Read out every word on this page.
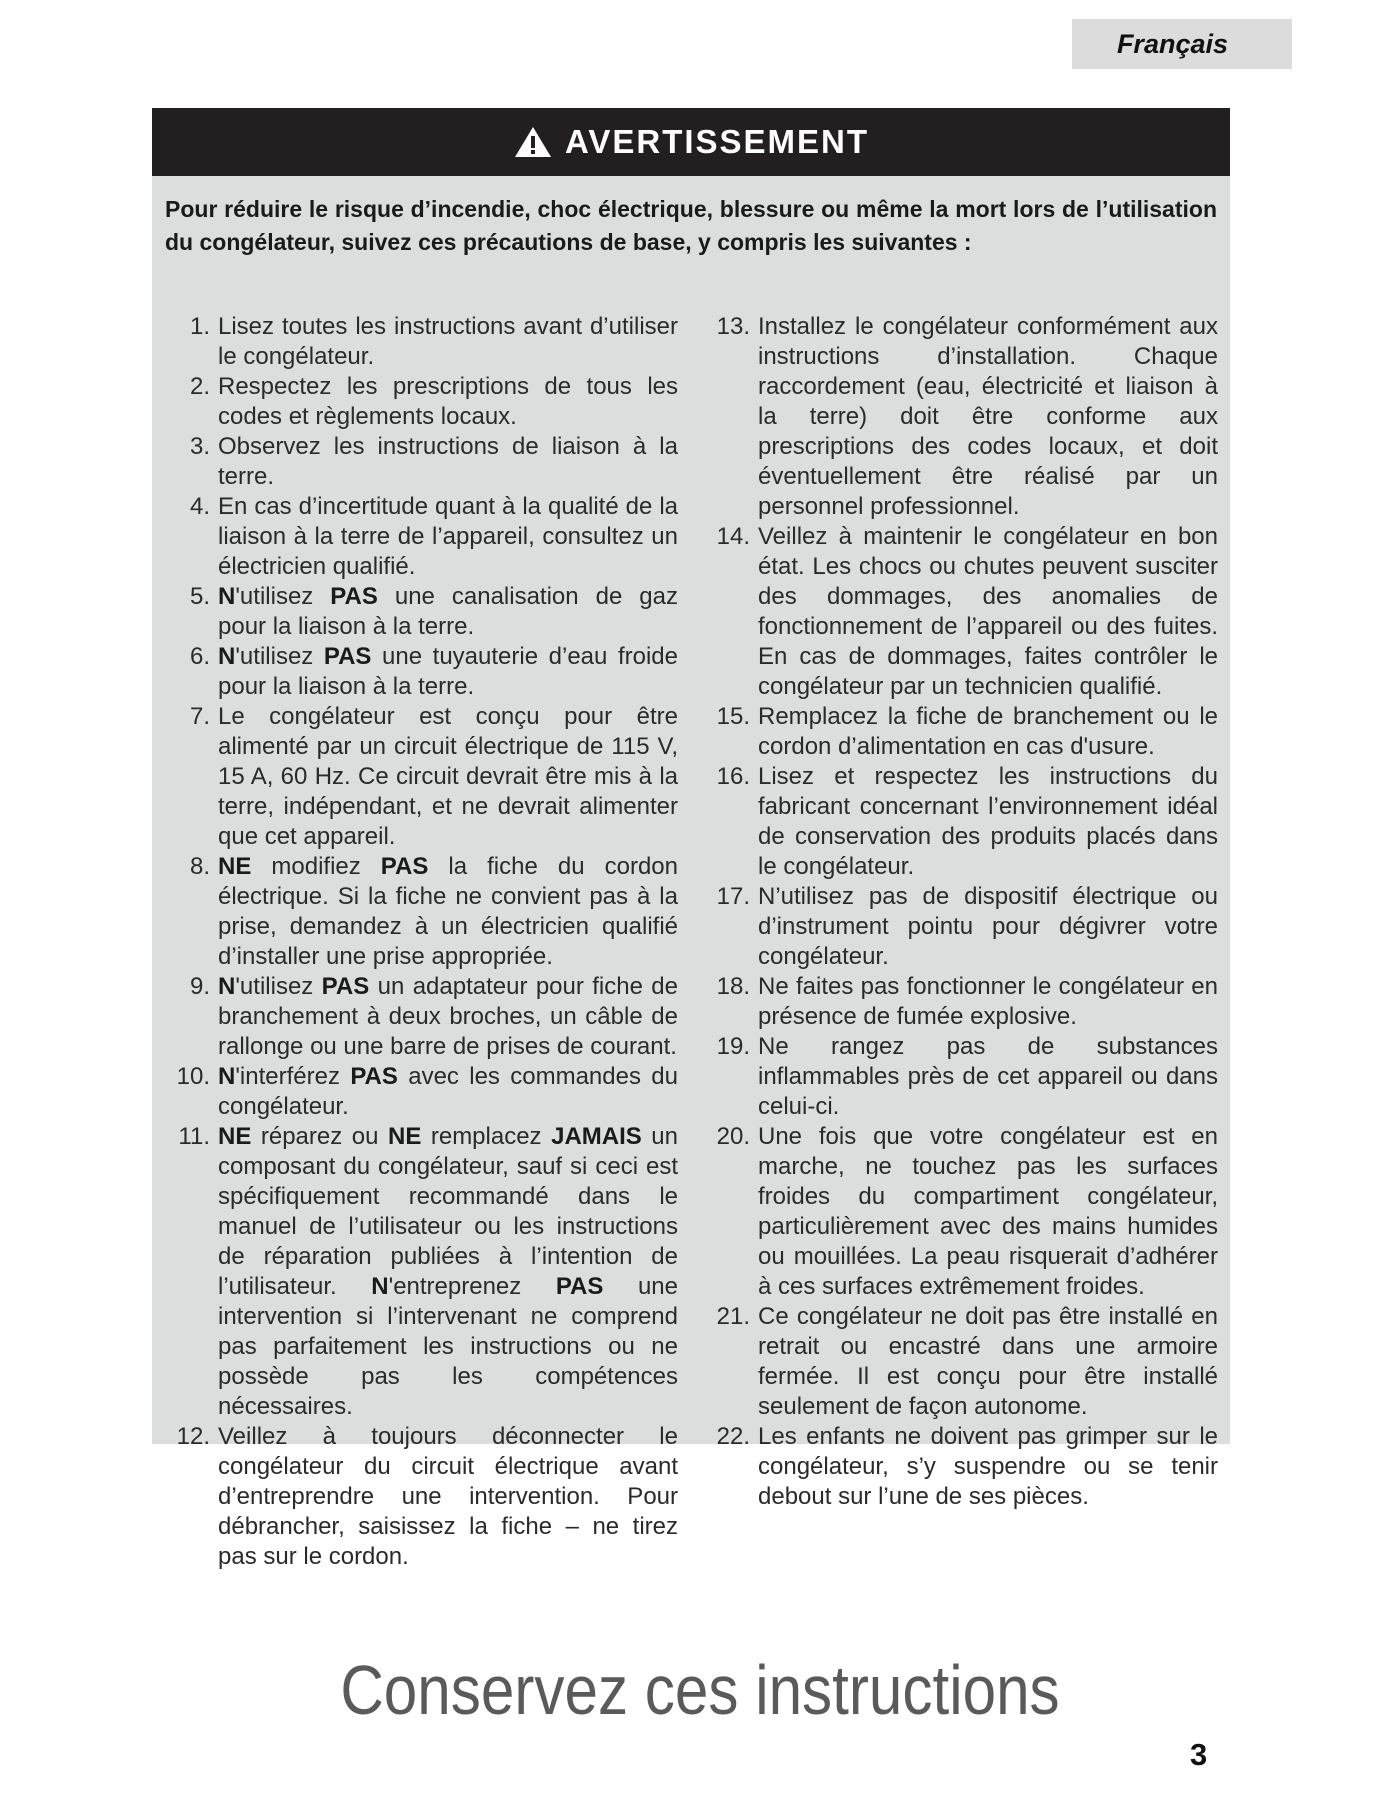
Français
AVERTISSEMENT
Pour réduire le risque d’incendie, choc électrique, blessure ou même la mort lors de l’utilisation du congélateur, suivez ces précautions de base, y compris les suivantes :
1. Lisez toutes les instructions avant d’utiliser le congélateur.
2. Respectez les prescriptions de tous les codes et règlements locaux.
3. Observez les instructions de liaison à la terre.
4. En cas d’incertitude quant à la qualité de la liaison à la terre de l’appareil, consultez un électricien qualifié.
5. N'utilisez PAS une canalisation de gaz pour la liaison à la terre.
6. N'utilisez PAS une tuyauterie d’eau froide pour la liaison à la terre.
7. Le congélateur est conçu pour être alimenté par un circuit électrique de 115 V, 15 A, 60 Hz. Ce circuit devrait être mis à la terre, indépendant, et ne devrait alimenter que cet appareil.
8. NE modifiez PAS la fiche du cordon électrique. Si la fiche ne convient pas à la prise, demandez à un électricien qualifié d’installer une prise appropriée.
9. N'utilisez PAS un adaptateur pour fiche de branchement à deux broches, un câble de rallonge ou une barre de prises de courant.
10. N'interférez PAS avec les commandes du congélateur.
11. NE réparez ou NE remplacez JAMAIS un composant du congélateur, sauf si ceci est spécifiquement recommandé dans le manuel de l’utilisateur ou les instructions de réparation publiées à l’intention de l’utilisateur. N'entreprenez PAS une intervention si l’intervenant ne comprend pas parfaitement les instructions ou ne possède pas les compétences nécessaires.
12. Veillez à toujours déconnecter le congélateur du circuit électrique avant d’entreprendre une intervention. Pour débrancher, saisissez la fiche – ne tirez pas sur le cordon.
13. Installez le congélateur conformément aux instructions d’installation. Chaque raccordement (eau, électricité et liaison à la terre) doit être conforme aux prescriptions des codes locaux, et doit éventuellement être réalisé par un personnel professionnel.
14. Veillez à maintenir le congélateur en bon état. Les chocs ou chutes peuvent susciter des dommages, des anomalies de fonctionnement de l’appareil ou des fuites. En cas de dommages, faites contrôler le congélateur par un technicien qualifié.
15. Remplacez la fiche de branchement ou le cordon d’alimentation en cas d'usure.
16. Lisez et respectez les instructions du fabricant concernant l’environnement idéal de conservation des produits placés dans le congélateur.
17. N’utilisez pas de dispositif électrique ou d’instrument pointu pour dégivrer votre congélateur.
18. Ne faites pas fonctionner le congélateur en présence de fumée explosive.
19. Ne rangez pas de substances inflammables près de cet appareil ou dans celui-ci.
20. Une fois que votre congélateur est en marche, ne touchez pas les surfaces froides du compartiment congélateur, particulièrement avec des mains humides ou mouillées. La peau risquerait d’adhérer à ces surfaces extrêmement froides.
21. Ce congélateur ne doit pas être installé en retrait ou encastré dans une armoire fermée. Il est conçu pour être installé seulement de façon autonome.
22. Les enfants ne doivent pas grimper sur le congélateur, s’y suspendre ou se tenir debout sur l’une de ses pièces.
Conservez ces instructions
3
